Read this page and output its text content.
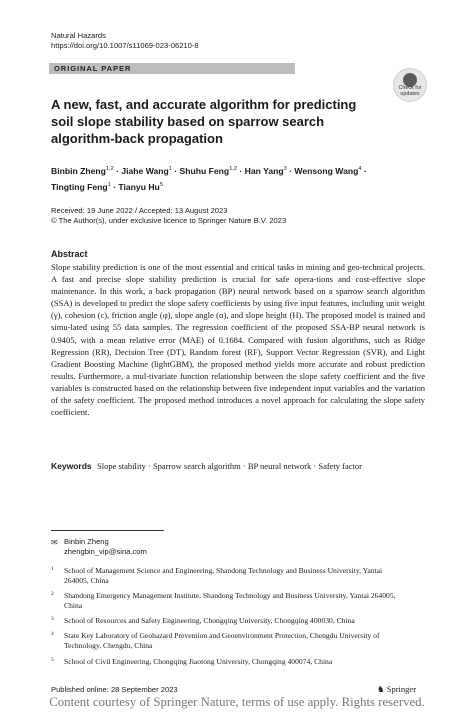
Natural Hazards
https://doi.org/10.1007/s11069-023-06210-8
ORIGINAL PAPER
Check for
updates
A new, fast, and accurate algorithm for predicting soil slope stability based on sparrow search algorithm-back propagation
Binbin Zheng$^{1,2}$ · Jiahe Wang$^1$ · Shuhu Feng$^{1,2}$ · Han Yang$^3$ · Wensong Wang$^4$ ·
Tingting Feng$^1$ · Tianyu Hu$^5$
Received: 19 June 2022 / Accepted: 13 August 2023
© The Author(s), under exclusive licence to Springer Nature B.V. 2023
Abstract
Slope stability prediction is one of the most essential and critical tasks in mining and geo-technical projects. A fast and precise slope stability prediction is crucial for safe opera-tions and cost-effective slope maintenance. In this work, a back propagation (BP) neural network based on a sparrow search algorithm (SSA) is developed to predict the slope safety coefficients by using five input features, including unit weight (γ), cohesion (c), friction angle (φ), slope angle (α), and slope height (H). The proposed model is trained and simu-lated using 55 data samples. The regression coefficient of the proposed SSA-BP neural network is 0.9405, with a mean relative error (MAE) of 0.1684. Compared with fusion algorithms, such as Ridge Regression (RR), Decision Tree (DT), Random forest (RF), Support Vector Regression (SVR), and Light Gradient Boosting Machine (lightGBM), the proposed method yields more accurate and robust prediction results. Furthermore, a mul-tivariate function relationship between the slope safety coefficient and the five variables is constructed based on the relationship between five independent input variables and the variation of the safety coefficient. The proposed method introduces a novel approach for calculating the slope safety coefficient.
Keywords Slope stability · Sparrow search algorithm · BP neural network · Safety factor
✉ Binbin Zheng
zhengbin_vip@sina.com
1 School of Management Science and Engineering, Shandong Technology and Business University, Yantai 264005, China
2 Shandong Emergency Management Institute, Shandong Technology and Business University, Yantai 264005, China
3 School of Resources and Safety Engineering, Chongqing University, Chongqing 400030, China
4 State Key Laboratory of Geohazard Prevention and Geoenvironment Protection, Chengdu University of Technology, Chengdu, China
5 School of Civil Engineering, Chongqing Jiaotong University, Chongqing 400074, China
Published online: 28 September 2023	♞ Springer
Content courtesy of Springer Nature, terms of use apply. Rights reserved.
